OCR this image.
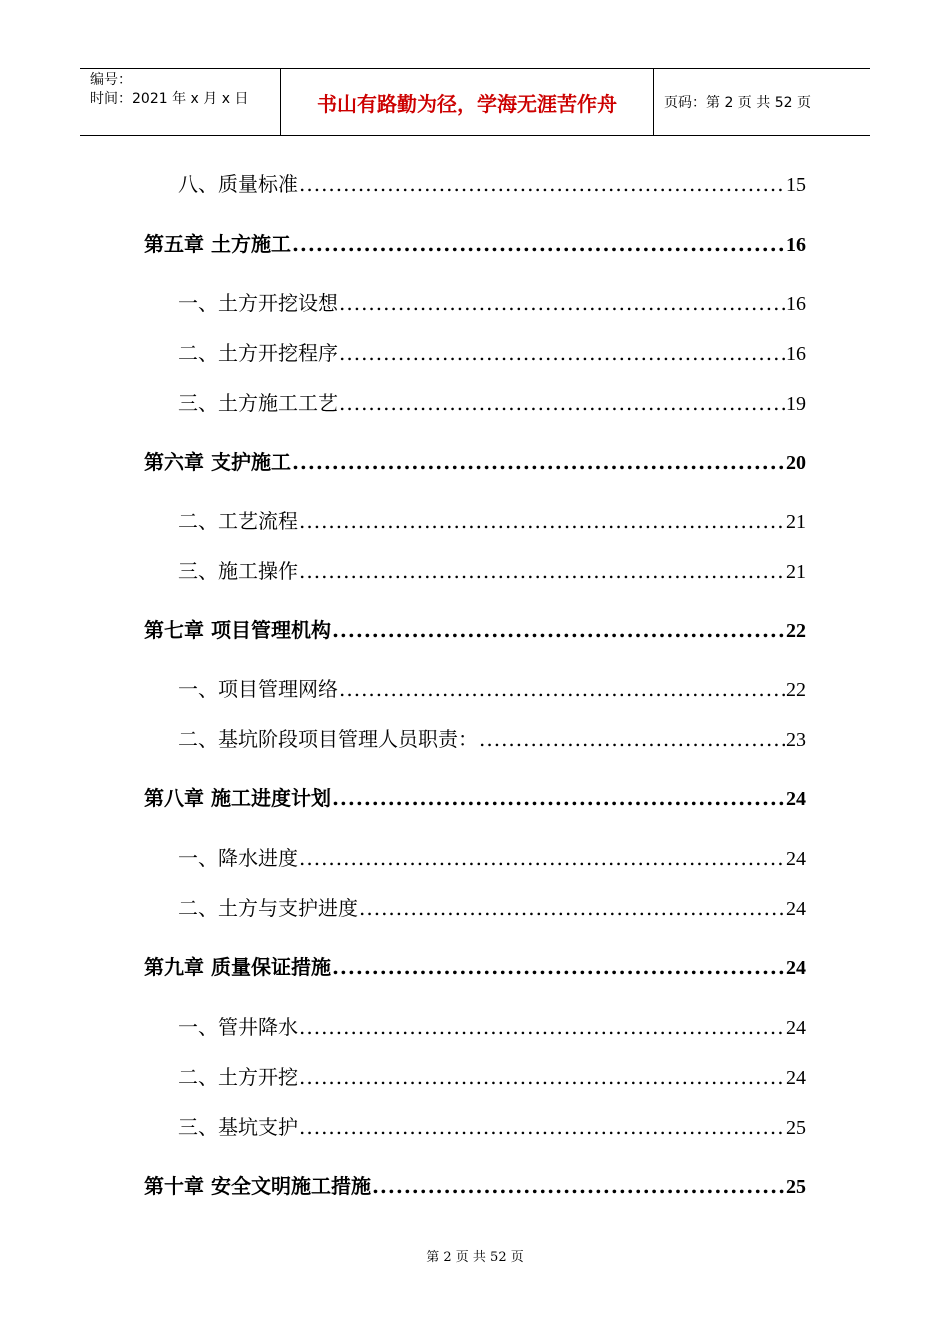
编号：
时间：2021 年 x 月 x 日	书山有路勤为径，学海无涯苦作舟	页码：第 2 页 共 52 页
八、质量标准 .....	15
第五章 土方施工 .....	16
一、土方开挖设想 .....	16
二、土方开挖程序 .....	16
三、土方施工工艺 .....	19
第六章 支护施工 .....	20
二、工艺流程 .....	21
三、施工操作 .....	21
第七章 项目管理机构 .....	22
一、项目管理网络 .....	22
二、基坑阶段项目管理人员职责： .....	23
第八章 施工进度计划 .....	24
一、降水进度 .....	24
二、土方与支护进度 .....	24
第九章 质量保证措施 .....	24
一、管井降水 .....	24
二、土方开挖 .....	24
三、基坑支护 .....	25
第十章 安全文明施工措施 .....	25
第 2 页 共 52 页
